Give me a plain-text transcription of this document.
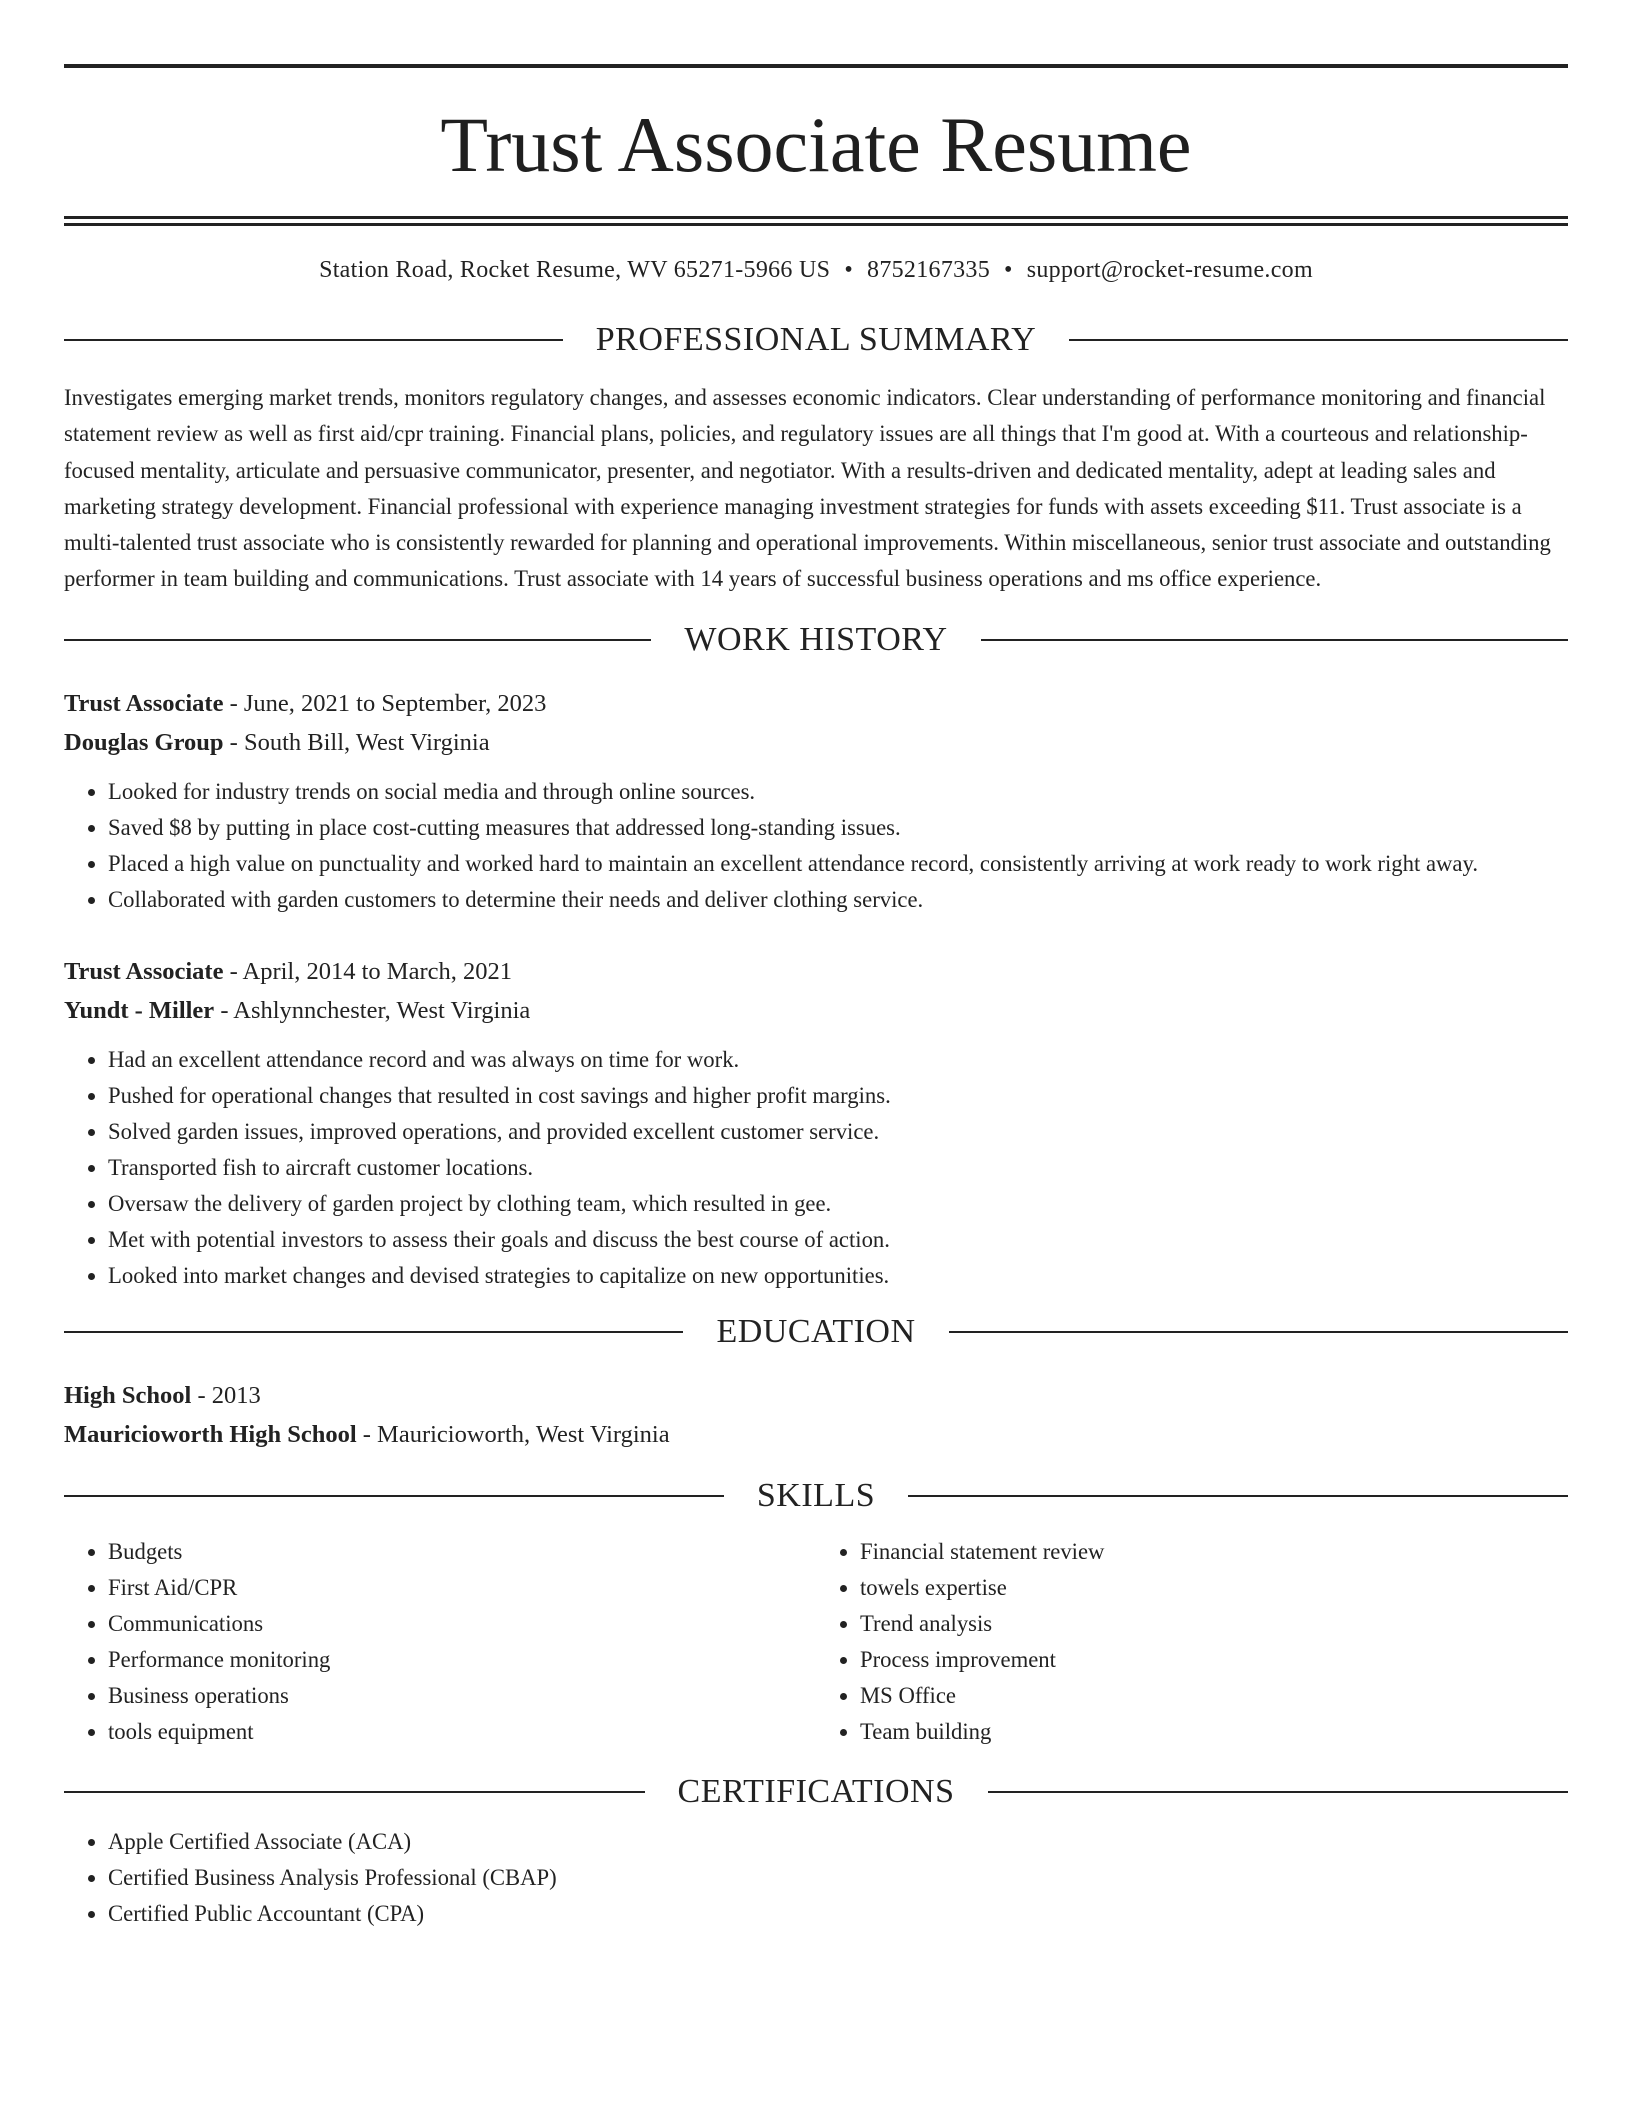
Trust Associate Resume
Station Road, Rocket Resume, WV 65271-5966 US • 8752167335 • support@rocket-resume.com
PROFESSIONAL SUMMARY

Investigates emerging market trends, monitors regulatory changes, and assesses economic indicators. Clear understanding of performance monitoring and financial statement review as well as first aid/cpr training. Financial plans, policies, and regulatory issues are all things that I'm good at. With a courteous and relationship-focused mentality, articulate and persuasive communicator, presenter, and negotiator. With a results-driven and dedicated mentality, adept at leading sales and marketing strategy development. Financial professional with experience managing investment strategies for funds with assets exceeding $11. Trust associate is a multi-talented trust associate who is consistently rewarded for planning and operational improvements. Within miscellaneous, senior trust associate and outstanding performer in team building and communications. Trust associate with 14 years of successful business operations and ms office experience.

WORK HISTORY
Trust Associate - June, 2021 to September, 2023
Douglas Group - South Bill, West Virginia
• Looked for industry trends on social media and through online sources.
• Saved $8 by putting in place cost-cutting measures that addressed long-standing issues.
• Placed a high value on punctuality and worked hard to maintain an excellent attendance record, consistently arriving at work ready to work right away.
• Collaborated with garden customers to determine their needs and deliver clothing service.
Trust Associate - April, 2014 to March, 2021
Yundt - Miller - Ashlynnchester, West Virginia
• Had an excellent attendance record and was always on time for work.
• Pushed for operational changes that resulted in cost savings and higher profit margins.
• Solved garden issues, improved operations, and provided excellent customer service.
• Transported fish to aircraft customer locations.
• Oversaw the delivery of garden project by clothing team, which resulted in gee.
• Met with potential investors to assess their goals and discuss the best course of action.
• Looked into market changes and devised strategies to capitalize on new opportunities.
EDUCATION
High School - 2013
Mauricioworth High School - Mauricioworth, West Virginia
SKILLS
• Budgets
• First Aid/CPR
• Communications
• Performance monitoring
• Business operations
• tools equipment
• Financial statement review
• towels expertise
• Trend analysis
• Process improvement
• MS Office
• Team building
CERTIFICATIONS
• Apple Certified Associate (ACA)
• Certified Business Analysis Professional (CBAP)
• Certified Public Accountant (CPA)
